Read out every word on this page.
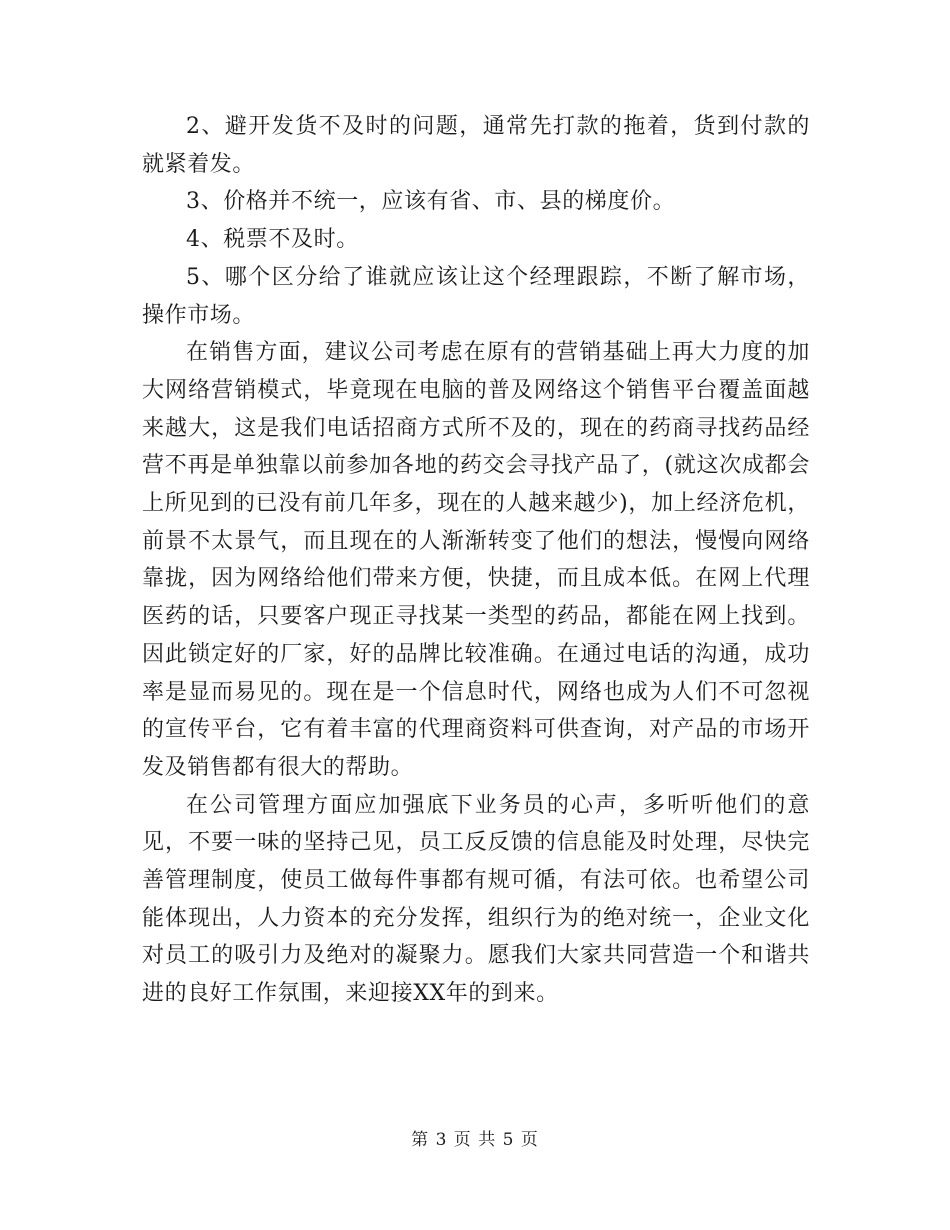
2、避开发货不及时的问题，通常先打款的拖着，货到付款的就紧着发。

3、价格并不统一，应该有省、市、县的梯度价。

4、税票不及时。

5、哪个区分给了谁就应该让这个经理跟踪，不断了解市场，操作市场。

在销售方面，建议公司考虑在原有的营销基础上再大力度的加大网络营销模式，毕竟现在电脑的普及网络这个销售平台覆盖面越来越大，这是我们电话招商方式所不及的，现在的药商寻找药品经营不再是单独靠以前参加各地的药交会寻找产品了，(就这次成都会上所见到的已没有前几年多，现在的人越来越少)，加上经济危机，前景不太景气，而且现在的人渐渐转变了他们的想法，慢慢向网络靠拢，因为网络给他们带来方便，快捷，而且成本低。在网上代理医药的话，只要客户现正寻找某一类型的药品，都能在网上找到。因此锁定好的厂家，好的品牌比较准确。在通过电话的沟通，成功率是显而易见的。现在是一个信息时代，网络也成为人们不可忽视的宣传平台，它有着丰富的代理商资料可供查询，对产品的市场开发及销售都有很大的帮助。

在公司管理方面应加强底下业务员的心声，多听听他们的意见，不要一味的坚持己见，员工反反馈的信息能及时处理，尽快完善管理制度，使员工做每件事都有规可循，有法可依。也希望公司能体现出，人力资本的充分发挥，组织行为的绝对统一，企业文化对员工的吸引力及绝对的凝聚力。愿我们大家共同营造一个和谐共进的良好工作氛围，来迎接XX年的到来。

第 3 页 共 5 页
